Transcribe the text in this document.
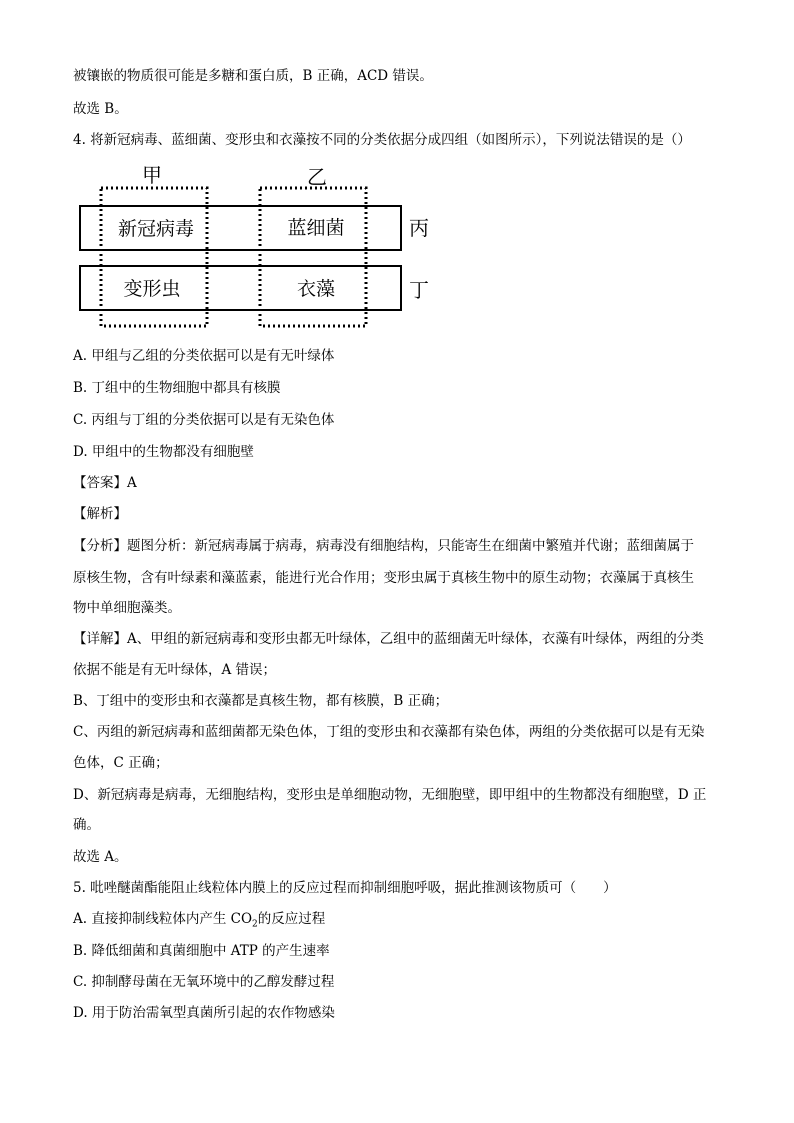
被镶嵌的物质很可能是多糖和蛋白质，B 正确，ACD 错误。
故选 B。
4. 将新冠病毒、蓝细菌、变形虫和衣藻按不同的分类依据分成四组（如图所示），下列说法错误的是（）
甲	乙
丙
丁
新冠病毒	蓝细菌
变形虫	衣藻
A. 甲组与乙组的分类依据可以是有无叶绿体
B. 丁组中的生物细胞中都具有核膜
C. 丙组与丁组的分类依据可以是有无染色体
D. 甲组中的生物都没有细胞壁
【答案】A
【解析】
【分析】题图分析：新冠病毒属于病毒，病毒没有细胞结构，只能寄生在细菌中繁殖并代谢；蓝细菌属于
原核生物，含有叶绿素和藻蓝素，能进行光合作用；变形虫属于真核生物中的原生动物；衣藻属于真核生
物中单细胞藻类。
【详解】A、甲组的新冠病毒和变形虫都无叶绿体，乙组中的蓝细菌无叶绿体，衣藻有叶绿体，两组的分类
依据不能是有无叶绿体，A 错误；
B、丁组中的变形虫和衣藻都是真核生物，都有核膜，B 正确；
C、丙组的新冠病毒和蓝细菌都无染色体，丁组的变形虫和衣藻都有染色体，两组的分类依据可以是有无染
色体，C 正确；
D、新冠病毒是病毒，无细胞结构，变形虫是单细胞动物，无细胞壁，即甲组中的生物都没有细胞壁，D 正
确。
故选 A。
5. 吡唑醚菌酯能阻止线粒体内膜上的反应过程而抑制细胞呼吸，据此推测该物质可（　　）
A. 直接抑制线粒体内产生 $CO_2$的反应过程
B. 降低细菌和真菌细胞中 ATP 的产生速率
C. 抑制酵母菌在无氧环境中的乙醇发酵过程
D. 用于防治需氧型真菌所引起的农作物感染
